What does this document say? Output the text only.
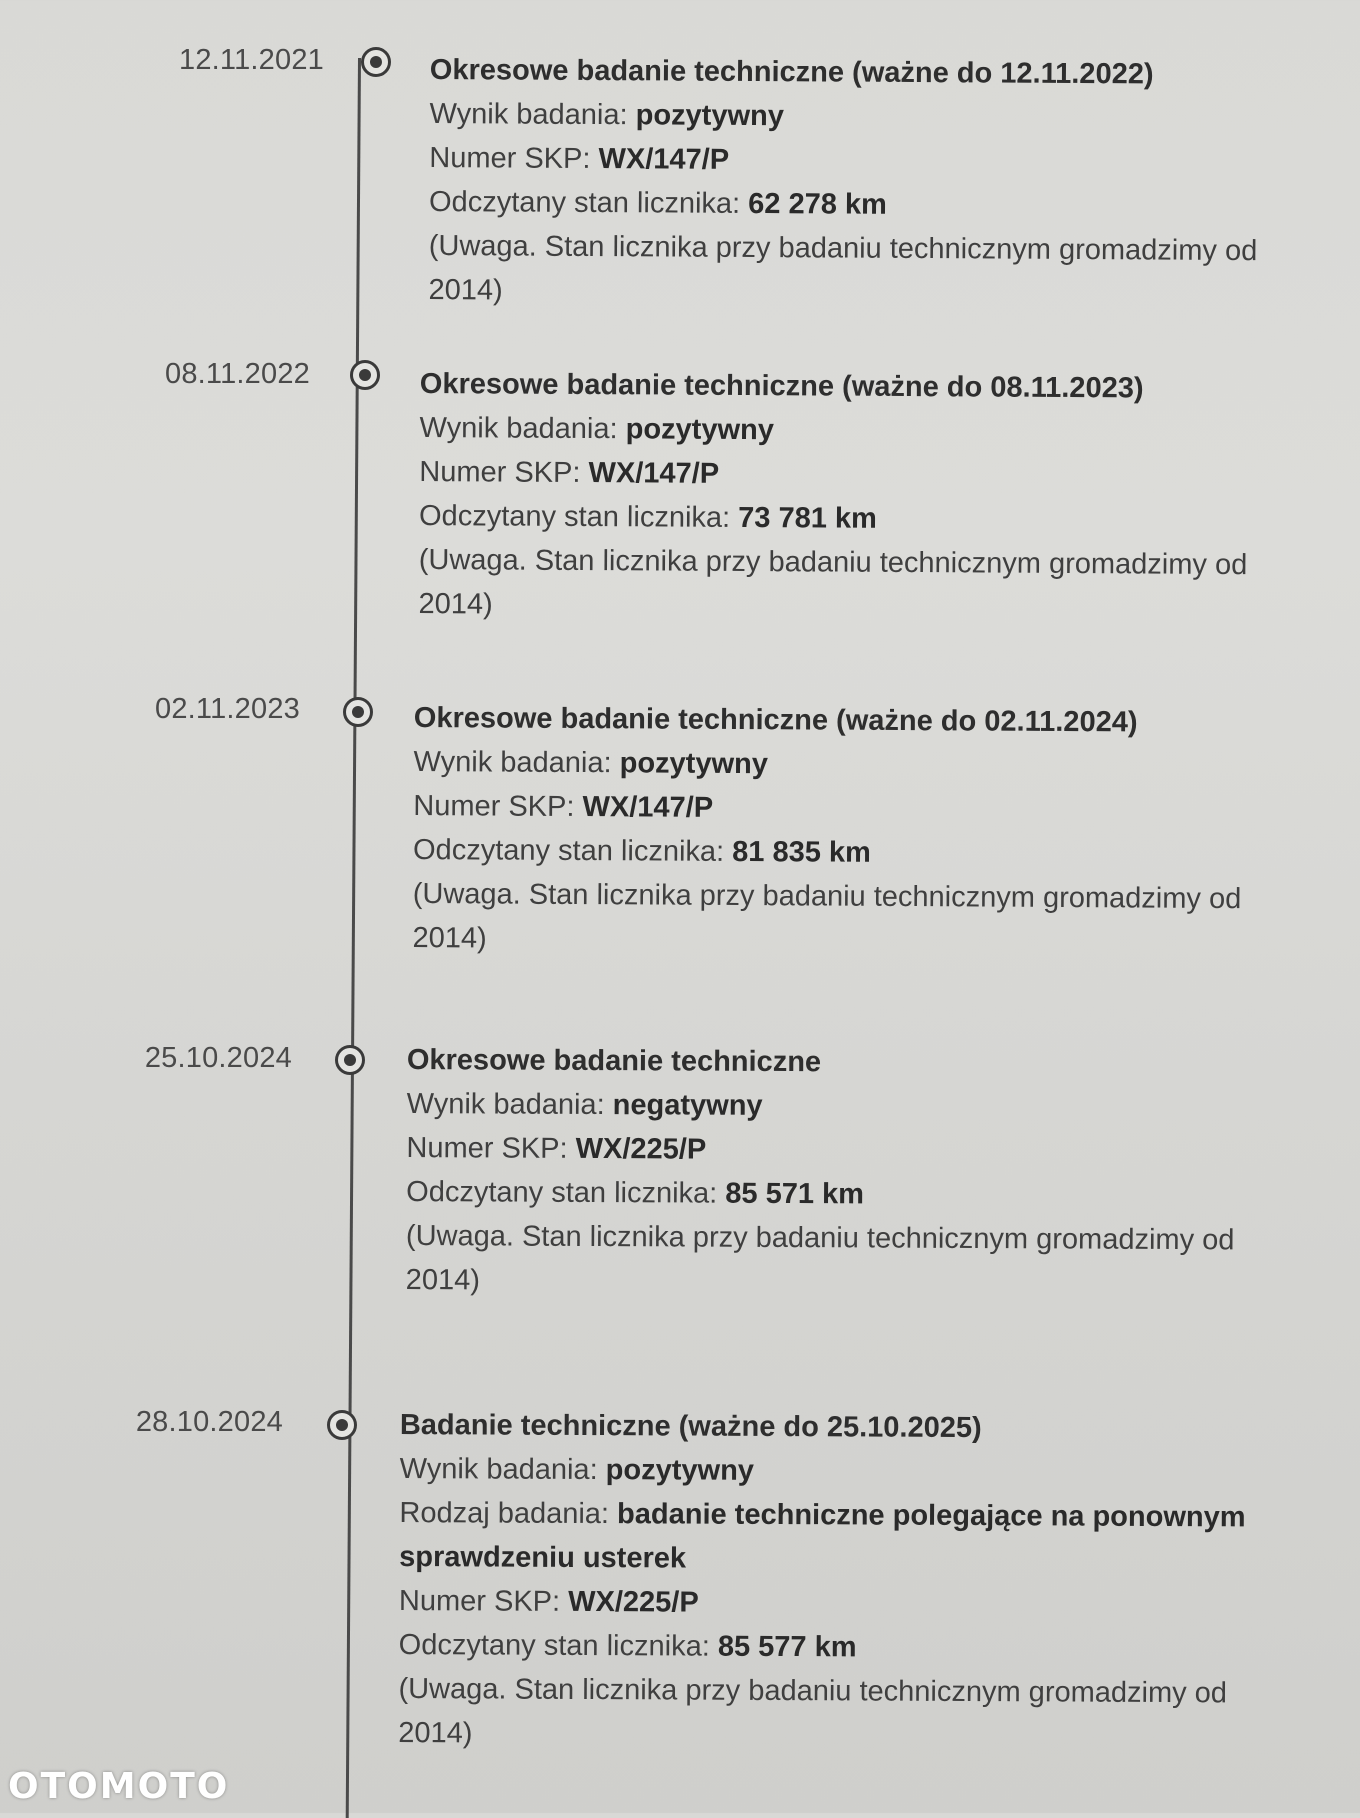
12.11.2021	Okresowe badanie techniczne (ważne do 12.11.2022)
Wynik badania: pozytywny
Numer SKP: WX/147/P
Odczytany stan licznika: 62 278 km
(Uwaga. Stan licznika przy badaniu technicznym gromadzimy od 2014)
08.11.2022	Okresowe badanie techniczne (ważne do 08.11.2023)
Wynik badania: pozytywny
Numer SKP: WX/147/P
Odczytany stan licznika: 73 781 km
(Uwaga. Stan licznika przy badaniu technicznym gromadzimy od 2014)
02.11.2023	Okresowe badanie techniczne (ważne do 02.11.2024)
Wynik badania: pozytywny
Numer SKP: WX/147/P
Odczytany stan licznika: 81 835 km
(Uwaga. Stan licznika przy badaniu technicznym gromadzimy od 2014)
25.10.2024	Okresowe badanie techniczne
Wynik badania: negatywny
Numer SKP: WX/225/P
Odczytany stan licznika: 85 571 km
(Uwaga. Stan licznika przy badaniu technicznym gromadzimy od 2014)
28.10.2024	Badanie techniczne (ważne do 25.10.2025)
Wynik badania: pozytywny
Rodzaj badania: badanie techniczne polegające na ponownym
sprawdzeniu usterek
Numer SKP: WX/225/P
Odczytany stan licznika: 85 577 km
(Uwaga. Stan licznika przy badaniu technicznym gromadzimy od 2014)
OTOMOTO
